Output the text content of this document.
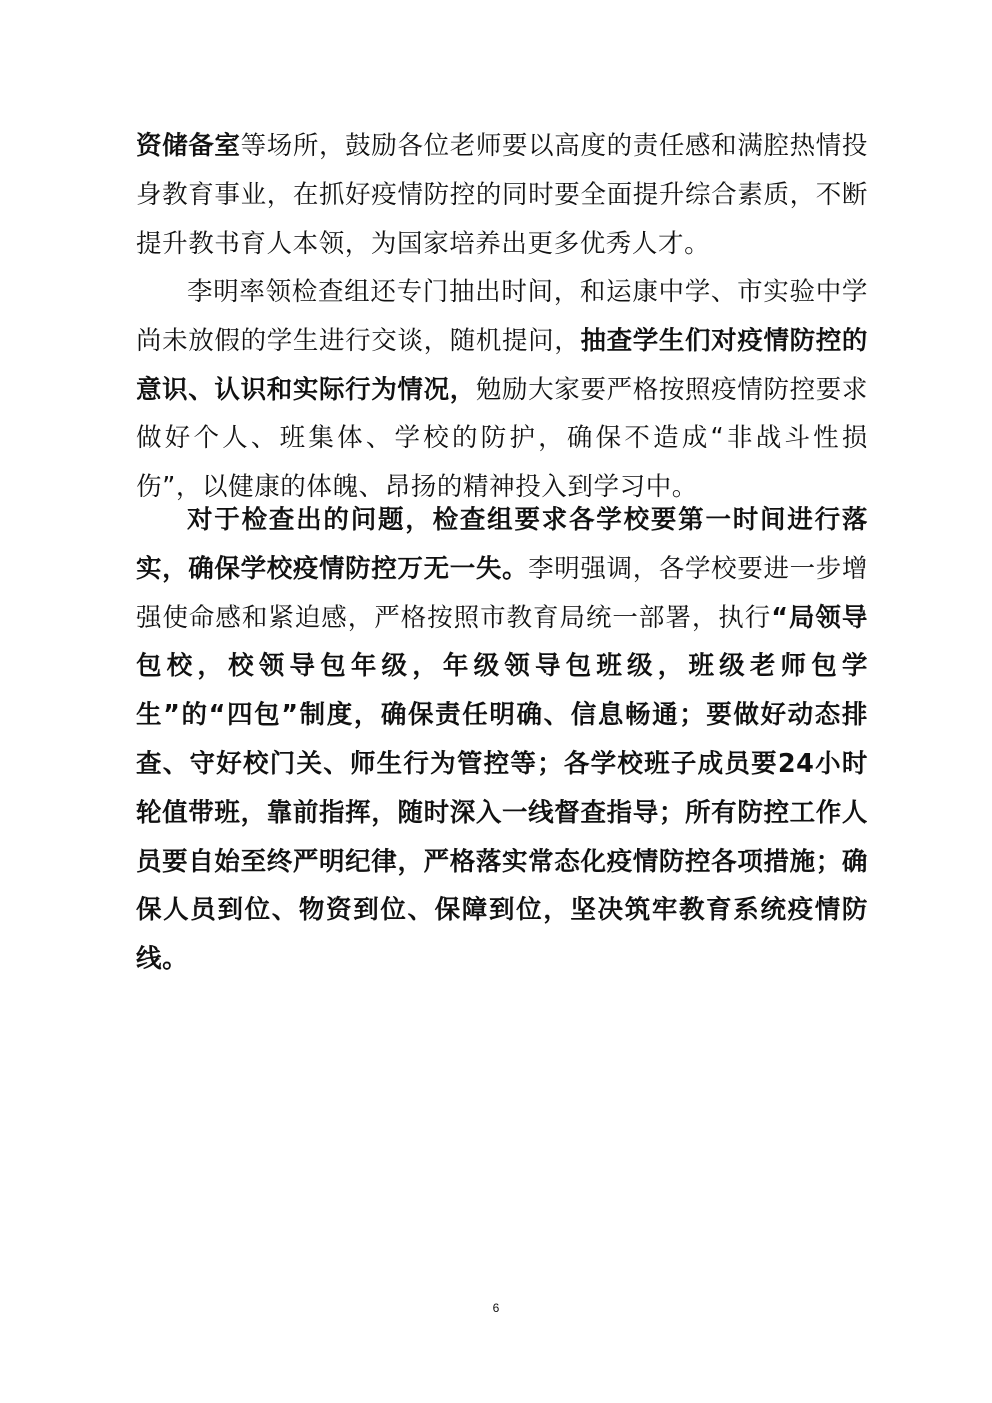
资储备室等场所，鼓励各位老师要以高度的责任感和满腔热情投身教育事业，在抓好疫情防控的同时要全面提升综合素质，不断提升教书育人本领，为国家培养出更多优秀人才。

李明率领检查组还专门抽出时间，和运康中学、市实验中学尚未放假的学生进行交谈，随机提问，抽查学生们对疫情防控的意识、认识和实际行为情况，勉励大家要严格按照疫情防控要求做好个人、班集体、学校的防护，确保不造成“非战斗性损伤”，以健康的体魄、昂扬的精神投入到学习中。

对于检查出的问题，检查组要求各学校要第一时间进行落实，确保学校疫情防控万无一失。李明强调，各学校要进一步增强使命感和紧迫感，严格按照市教育局统一部署，执行“局领导包校，校领导包年级，年级领导包班级，班级老师包学生”的“四包”制度，确保责任明确、信息畅通；要做好动态排查、守好校门关、师生行为管控等；各学校班子成员要24小时轮值带班，靠前指挥，随时深入一线督查指导；所有防控工作人员要自始至终严明纪律，严格落实常态化疫情防控各项措施；确保人员到位、物资到位、保障到位，坚决筑牢教育系统疫情防线。

6
